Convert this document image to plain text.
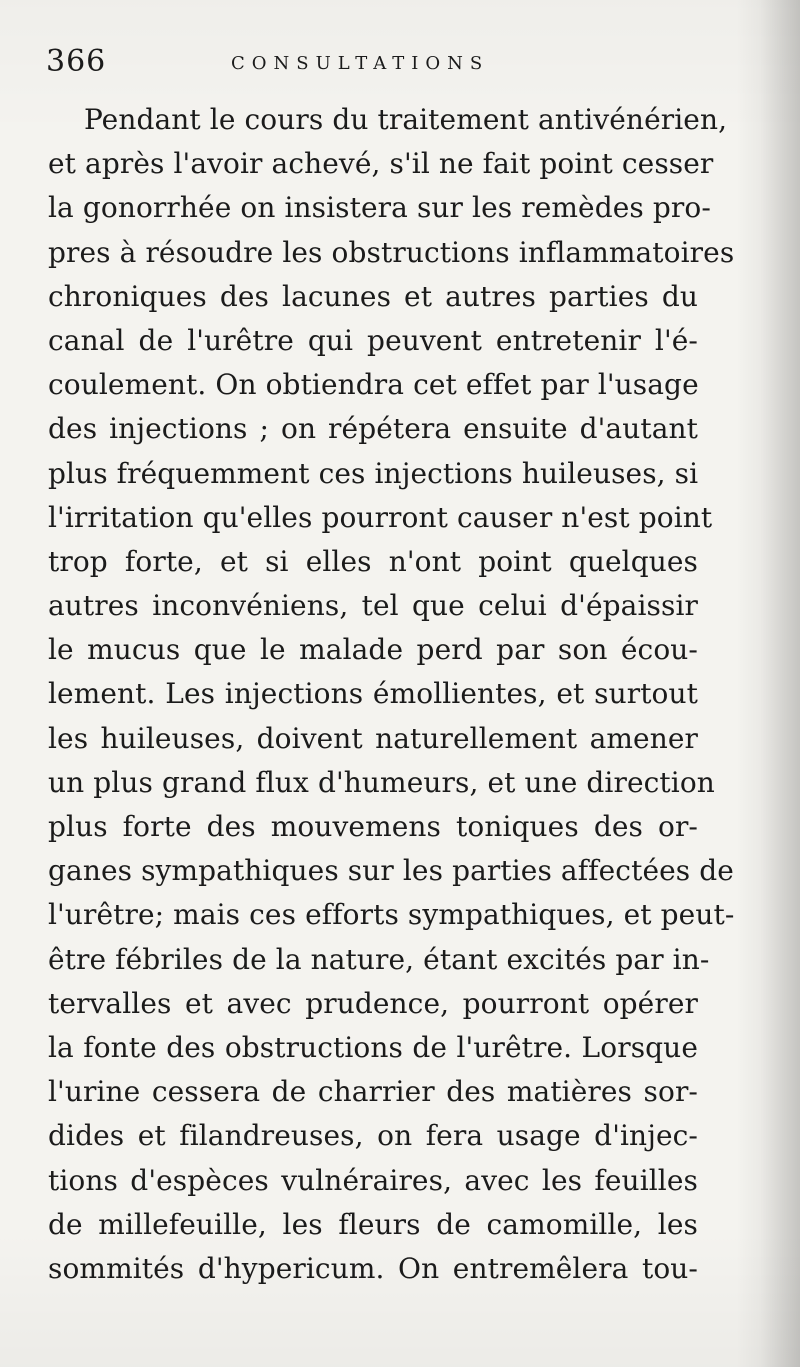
366	CONSULTATIONS
Pendant le cours du traitement antivénérien,
et après l'avoir achevé, s'il ne fait point cesser
la gonorrhée on insistera sur les remèdes pro-
pres à résoudre les obstructions inflammatoires
chroniques des lacunes et autres parties du
canal de l'urêtre qui peuvent entretenir l'é-
coulement. On obtiendra cet effet par l'usage
des injections ; on répétera ensuite d'autant
plus fréquemment ces injections huileuses, si
l'irritation qu'elles pourront causer n'est point
trop forte, et si elles n'ont point quelques
autres inconvéniens, tel que celui d'épaissir
le mucus que le malade perd par son écou-
lement. Les injections émollientes, et surtout
les huileuses, doivent naturellement amener
un plus grand flux d'humeurs, et une direction
plus forte des mouvemens toniques des or-
ganes sympathiques sur les parties affectées de
l'urêtre; mais ces efforts sympathiques, et peut-
être fébriles de la nature, étant excités par in-
tervalles et avec prudence, pourront opérer
la fonte des obstructions de l'urêtre. Lorsque
l'urine cessera de charrier des matières sor-
dides et filandreuses, on fera usage d'injec-
tions d'espèces vulnéraires, avec les feuilles
de millefeuille, les fleurs de camomille, les
sommités d'hypericum. On entremêlera tou-
